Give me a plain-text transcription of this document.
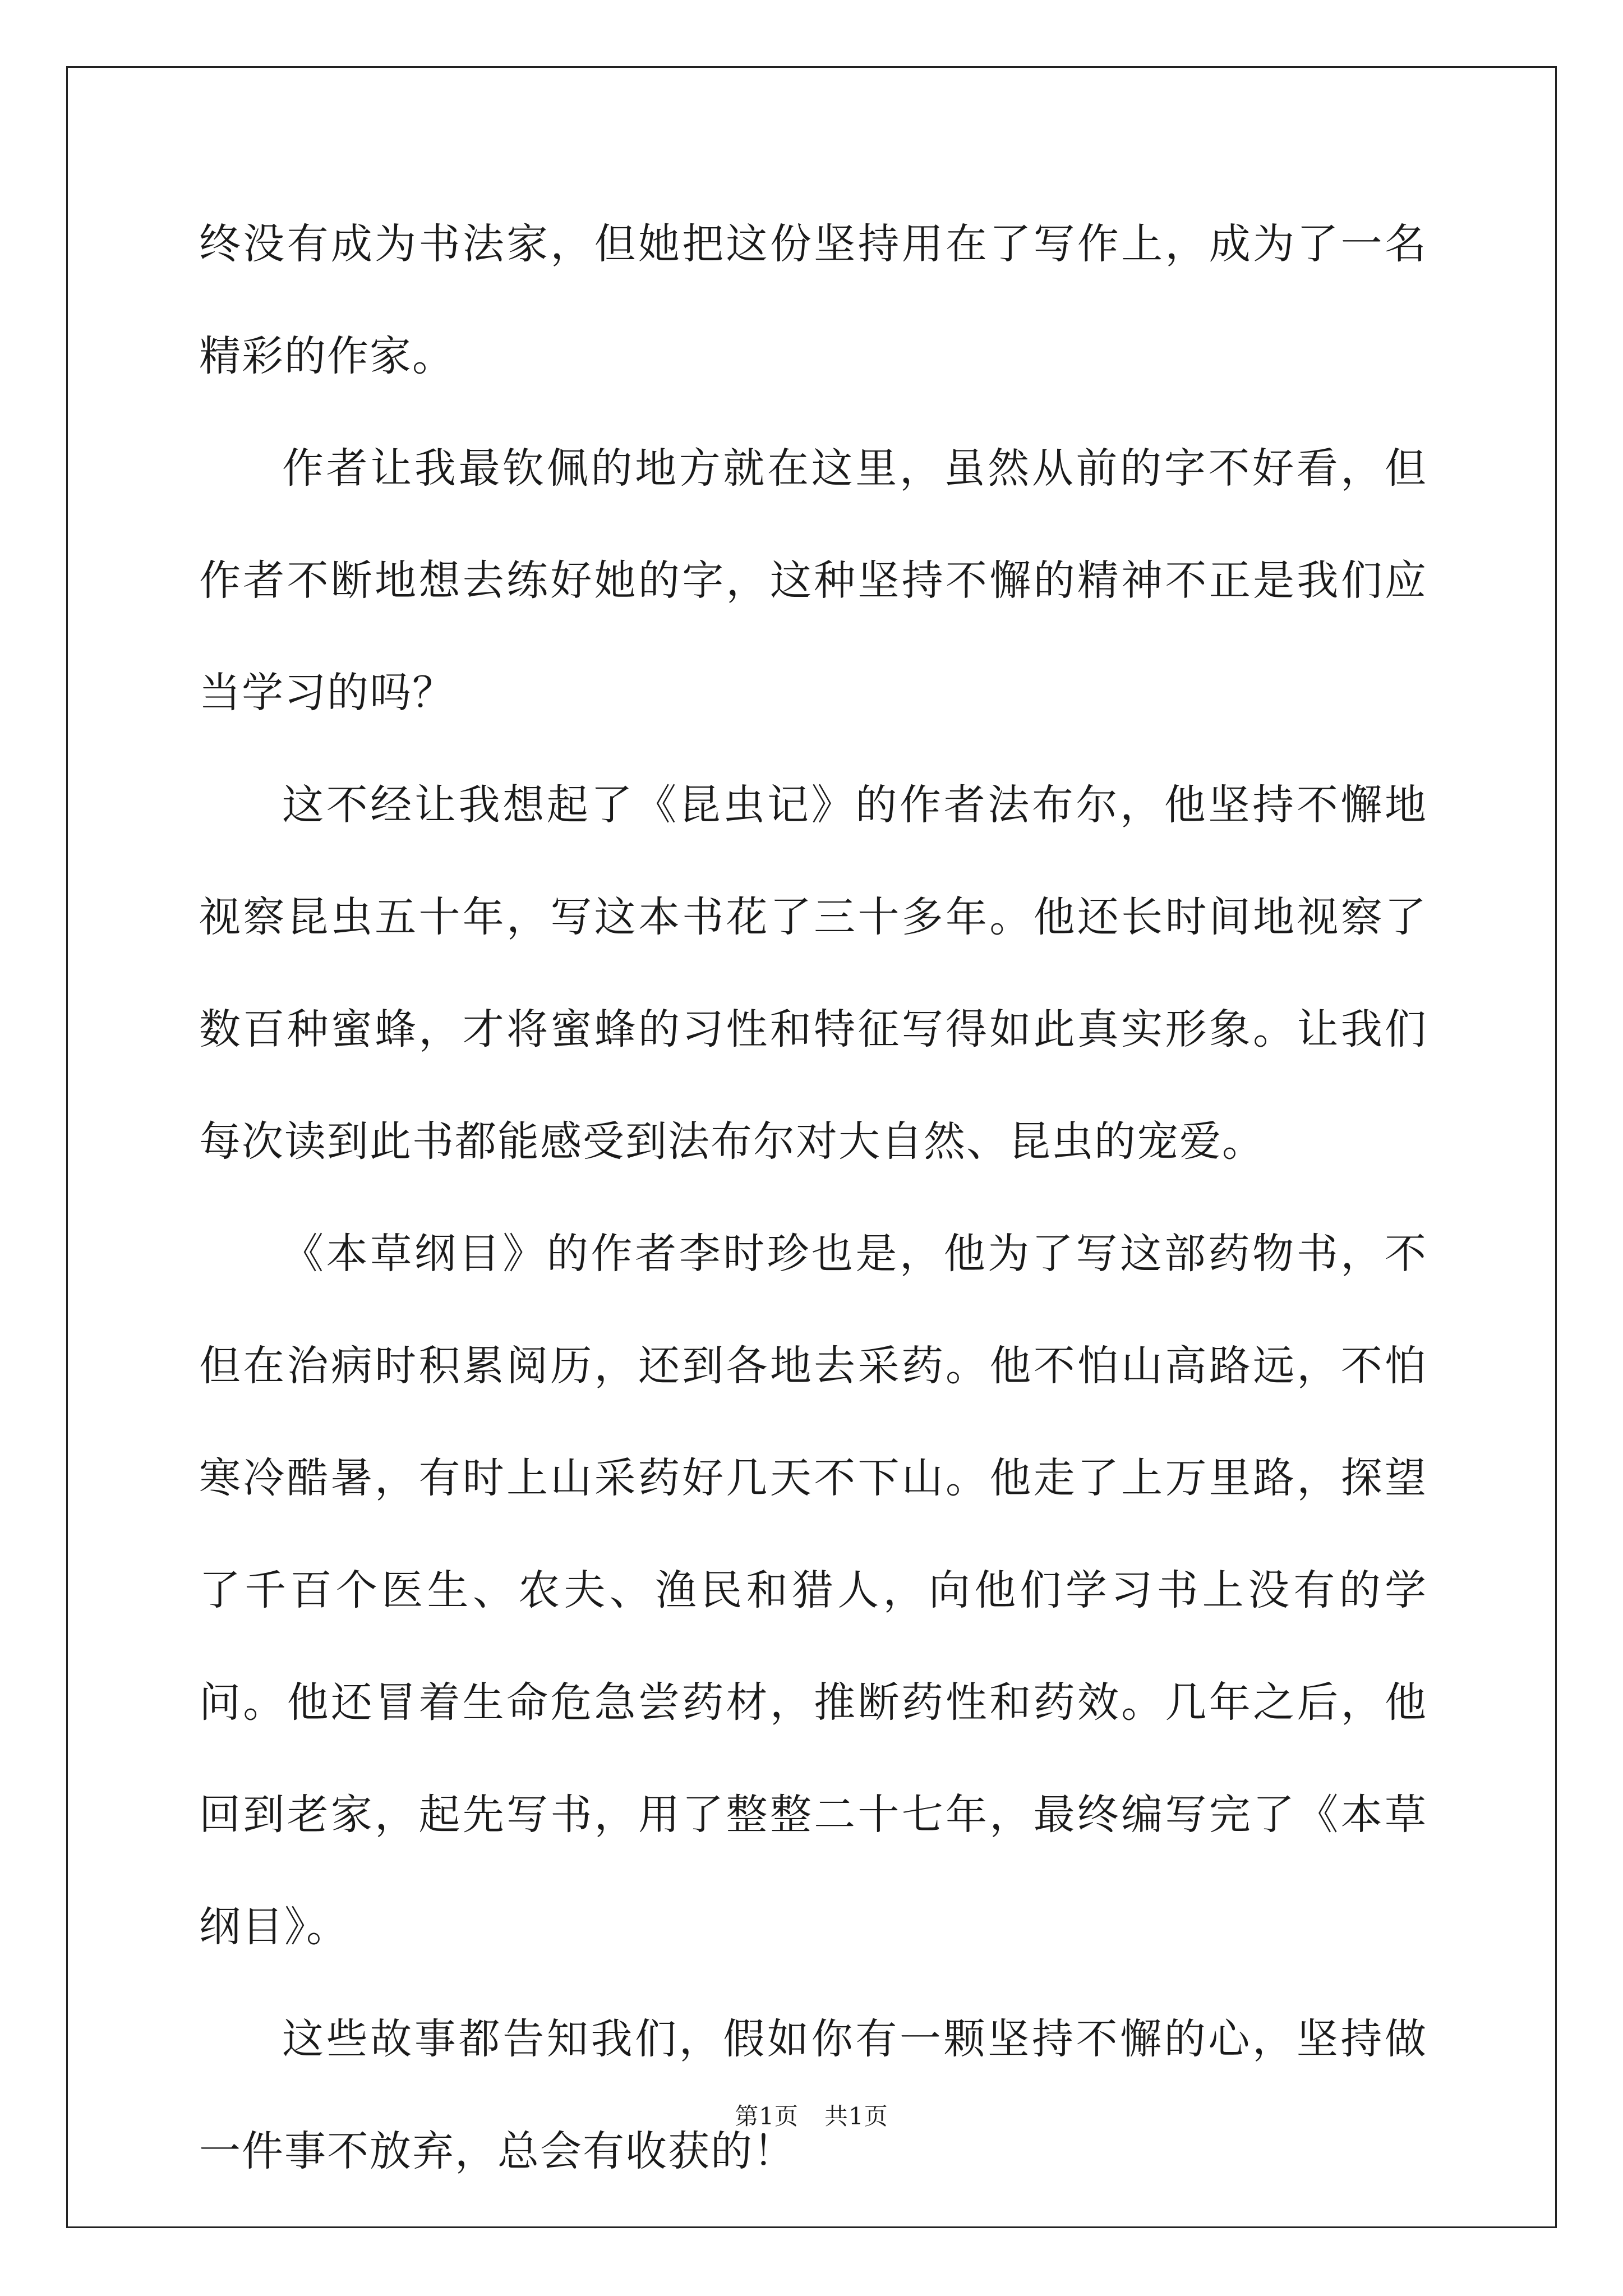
终没有成为书法家，但她把这份坚持用在了写作上，成为了一名精彩的作家。

作者让我最钦佩的地方就在这里，虽然从前的字不好看，但作者不断地想去练好她的字，这种坚持不懈的精神不正是我们应当学习的吗？

这不经让我想起了《昆虫记》的作者法布尔，他坚持不懈地视察昆虫五十年，写这本书花了三十多年。他还长时间地视察了数百种蜜蜂，才将蜜蜂的习性和特征写得如此真实形象。让我们每次读到此书都能感受到法布尔对大自然、昆虫的宠爱。

《本草纲目》的作者李时珍也是，他为了写这部药物书，不但在治病时积累阅历，还到各地去采药。他不怕山高路远，不怕寒冷酷暑，有时上山采药好几天不下山。他走了上万里路，探望了千百个医生、农夫、渔民和猎人，向他们学习书上没有的学问。他还冒着生命危急尝药材，推断药性和药效。几年之后，他回到老家，起先写书，用了整整二十七年，最终编写完了《本草纲目》。

这些故事都告知我们，假如你有一颗坚持不懈的心，坚持做一件事不放弃，总会有收获的！

第1页 共1页
